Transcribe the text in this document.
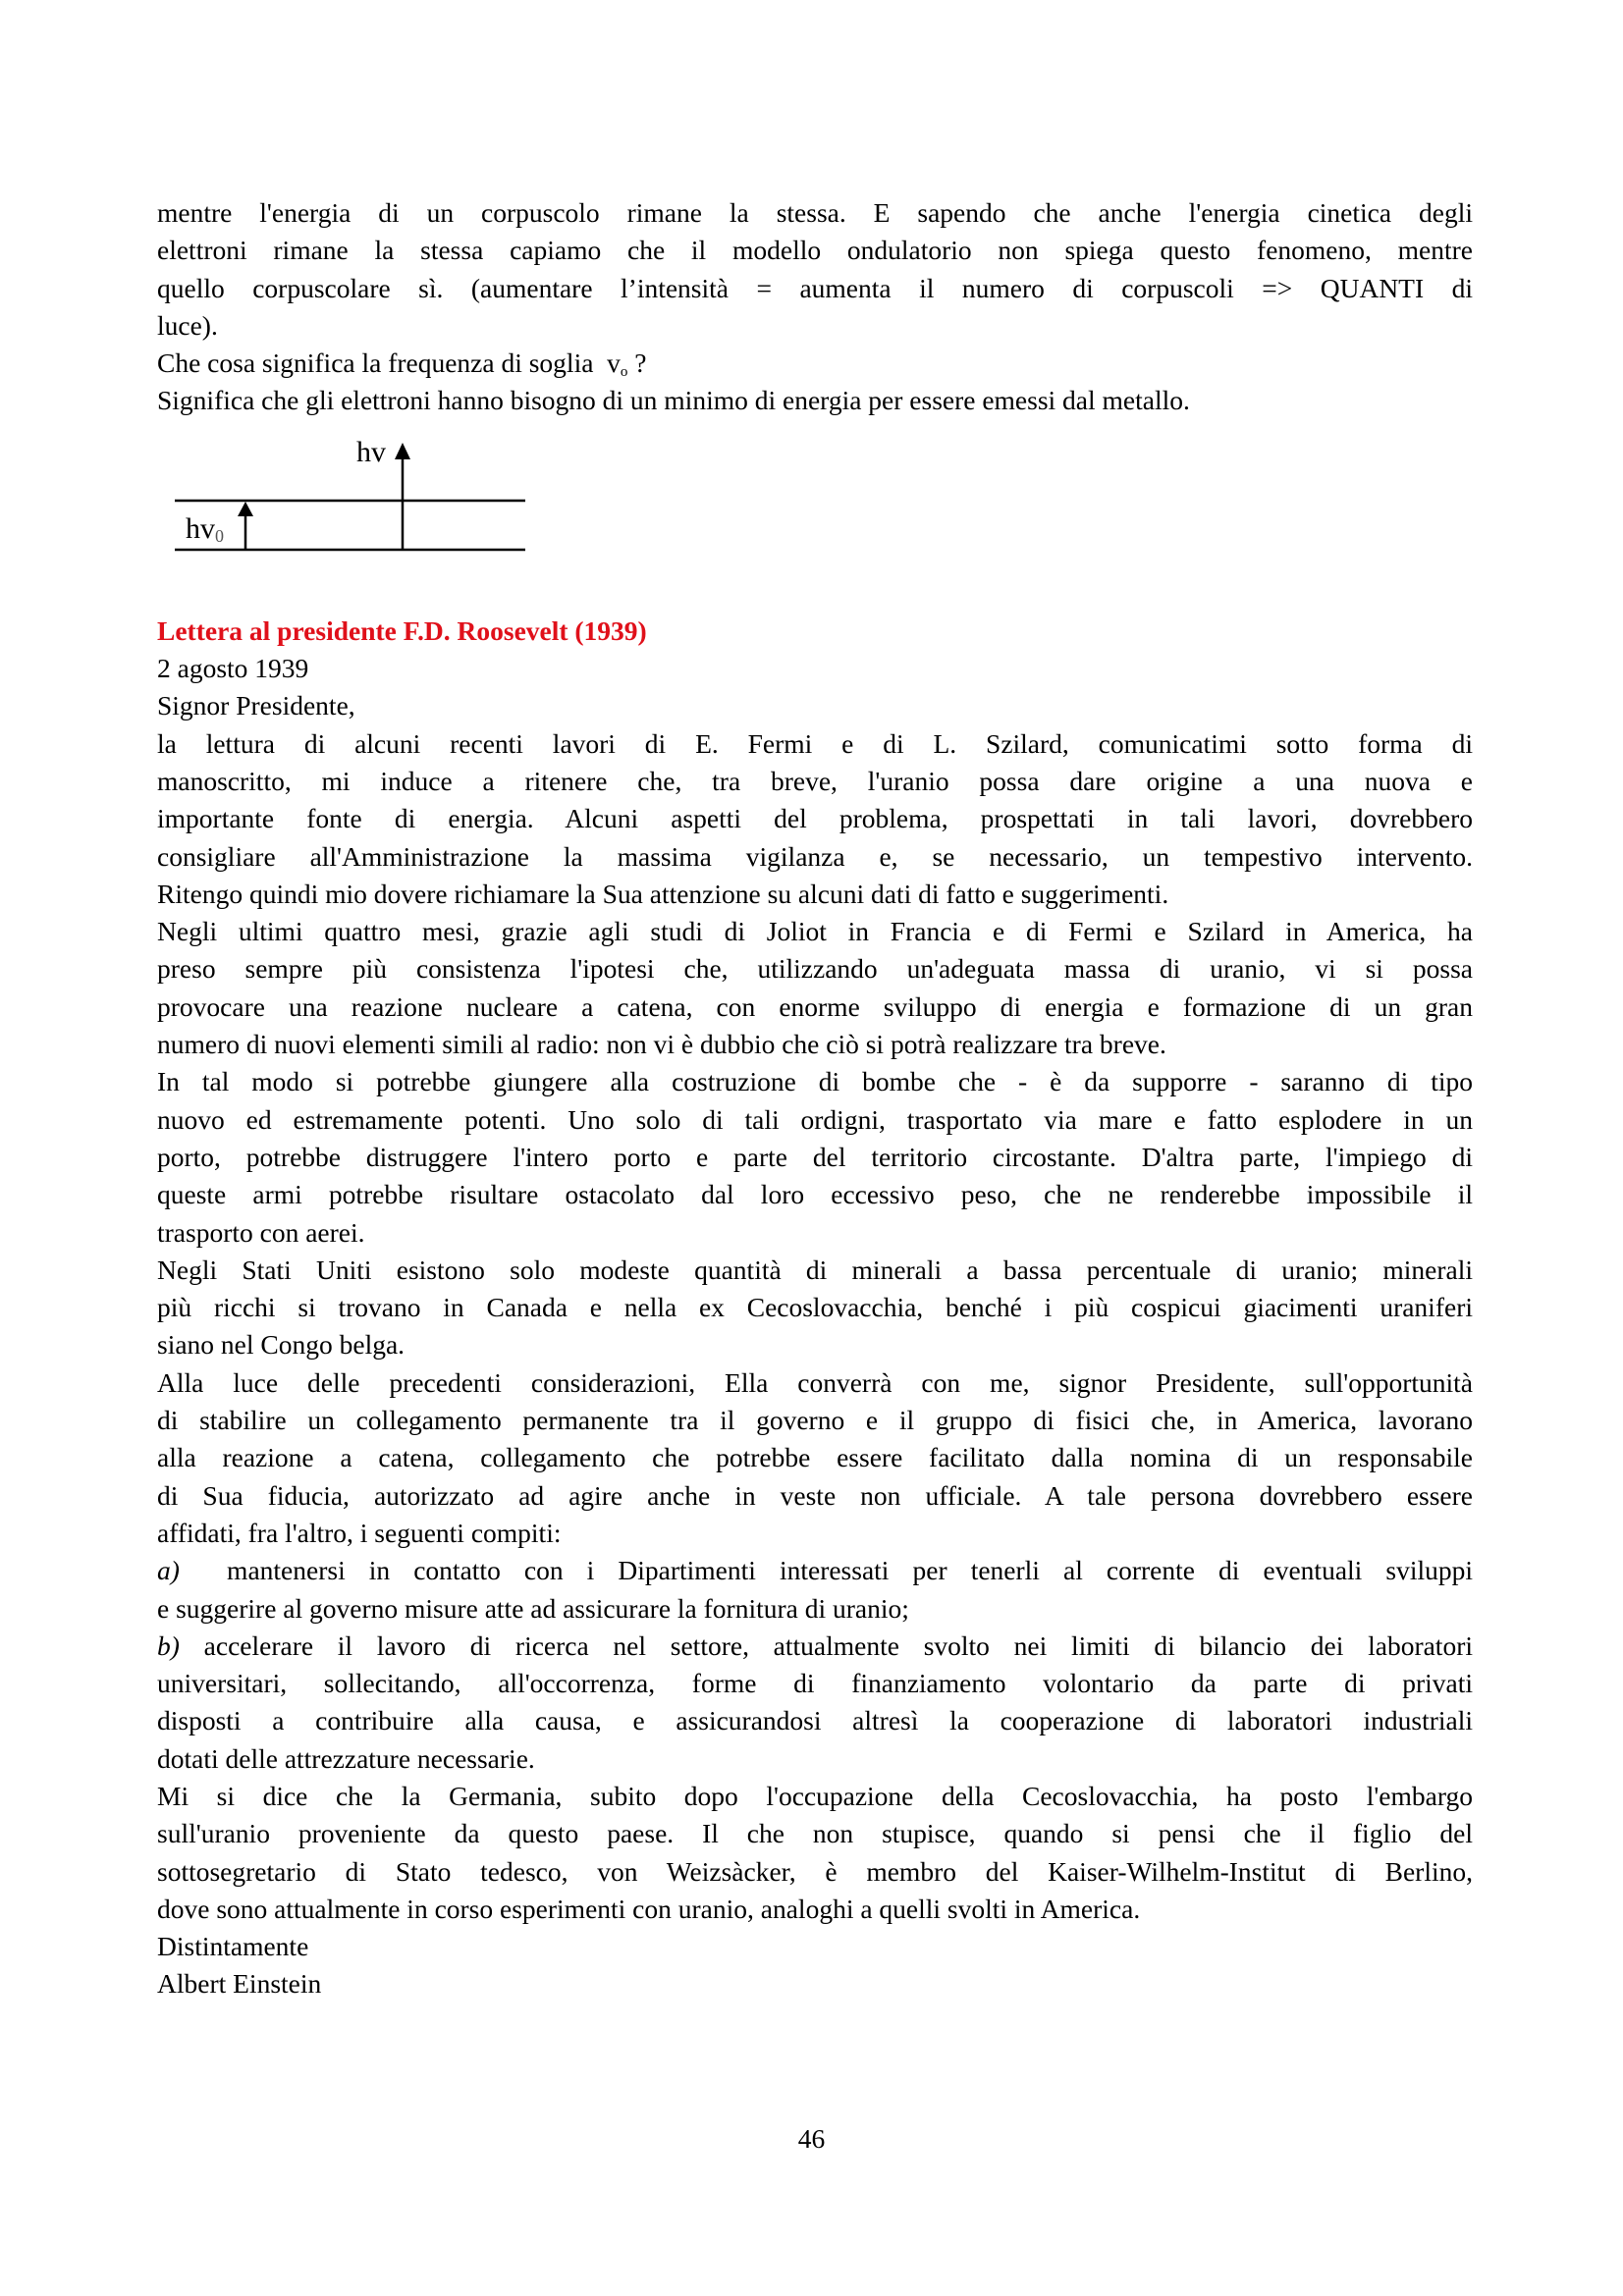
mentre l'energia di un corpuscolo rimane la stessa. E sapendo che anche l'energia cinetica degli
elettroni rimane la stessa capiamo che il modello ondulatorio non spiega questo fenomeno, mentre
quello corpuscolare sì. (aumentare l’intensità = aumenta il numero di corpuscoli => QUANTI di
luce).
Che cosa significa la frequenza di soglia  $v_o$ ?
Significa che gli elettroni hanno bisogno di un minimo di energia per essere emessi dal metallo.
hv
hv0
Lettera al presidente F.D. Roosevelt (1939)
2 agosto 1939
Signor Presidente,
la lettura di alcuni recenti lavori di E. Fermi e di L. Szilard, comunicatimi sotto forma di
manoscritto, mi induce a ritenere che, tra breve, l'uranio possa dare origine a una nuova e
importante fonte di energia. Alcuni aspetti del problema, prospettati in tali lavori, dovrebbero
consigliare all'Amministrazione la massima vigilanza e, se necessario, un tempestivo intervento.
Ritengo quindi mio dovere richiamare la Sua attenzione su alcuni dati di fatto e suggerimenti.
Negli ultimi quattro mesi, grazie agli studi di Joliot in Francia e di Fermi e Szilard in America, ha
preso sempre più consistenza l'ipotesi che, utilizzando un'adeguata massa di uranio, vi si possa
provocare una reazione nucleare a catena, con enorme sviluppo di energia e formazione di un gran
numero di nuovi elementi simili al radio: non vi è dubbio che ciò si potrà realizzare tra breve.
In tal modo si potrebbe giungere alla costruzione di bombe che - è da supporre - saranno di tipo
nuovo ed estremamente potenti. Uno solo di tali ordigni, trasportato via mare e fatto esplodere in un
porto, potrebbe distruggere l'intero porto e parte del territorio circostante. D'altra parte, l'impiego di
queste armi potrebbe risultare ostacolato dal loro eccessivo peso, che ne renderebbe impossibile il
trasporto con aerei.
Negli Stati Uniti esistono solo modeste quantità di minerali a bassa percentuale di uranio; minerali
più ricchi si trovano in Canada e nella ex Cecoslovacchia, benché i più cospicui giacimenti uraniferi
siano nel Congo belga.
Alla luce delle precedenti considerazioni, Ella converrà con me, signor Presidente, sull'opportunità
di stabilire un collegamento permanente tra il governo e il gruppo di fisici che, in America, lavorano
alla reazione a catena, collegamento che potrebbe essere facilitato dalla nomina di un responsabile
di Sua fiducia, autorizzato ad agire anche in veste non ufficiale. A tale persona dovrebbero essere
affidati, fra l'altro, i seguenti compiti:
a)  mantenersi in contatto con i Dipartimenti interessati per tenerli al corrente di eventuali sviluppi
e suggerire al governo misure atte ad assicurare la fornitura di uranio;
b) accelerare il lavoro di ricerca nel settore, attualmente svolto nei limiti di bilancio dei laboratori
universitari, sollecitando, all'occorrenza, forme di finanziamento volontario da parte di privati
disposti a contribuire alla causa, e assicurandosi altresì la cooperazione di laboratori industriali
dotati delle attrezzature necessarie.
Mi si dice che la Germania, subito dopo l'occupazione della Cecoslovacchia, ha posto l'embargo
sull'uranio proveniente da questo paese. Il che non stupisce, quando si pensi che il figlio del
sottosegretario di Stato tedesco, von Weizsàcker, è membro del Kaiser-Wilhelm-Institut di Berlino,
dove sono attualmente in corso esperimenti con uranio, analoghi a quelli svolti in America.
Distintamente
Albert Einstein
46
